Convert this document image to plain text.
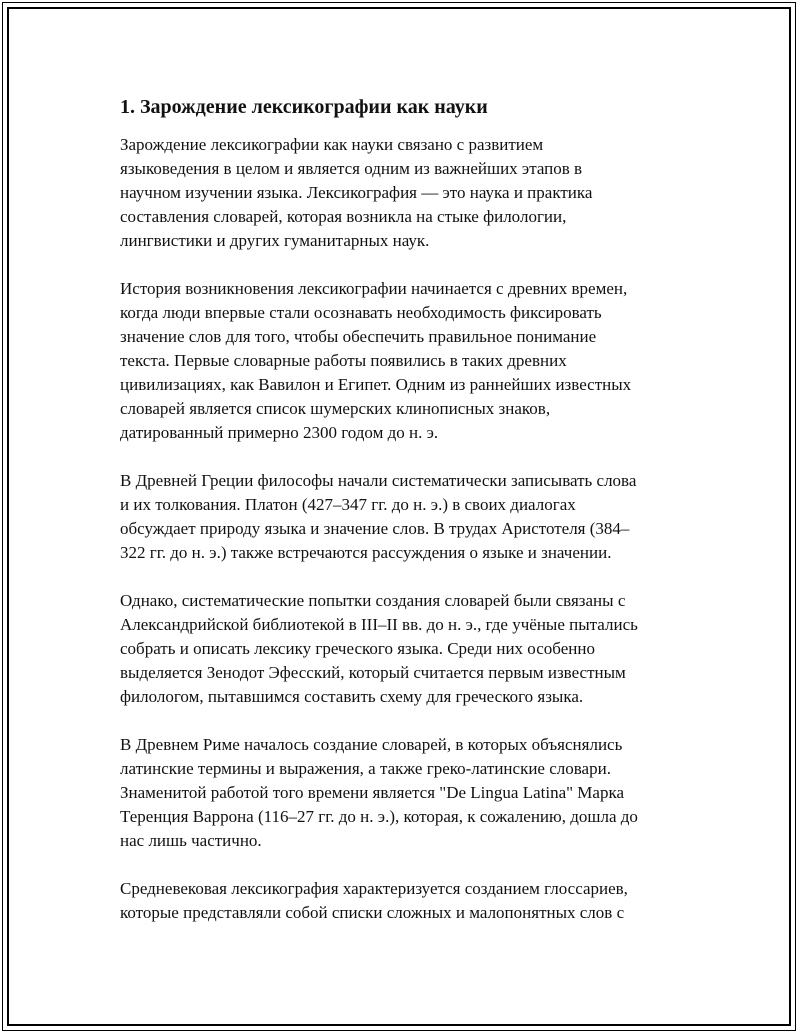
1. Зарождение лексикографии как науки

Зарождение лексикографии как науки связано с развитием
языковедения в целом и является одним из важнейших этапов в
научном изучении языка. Лексикография — это наука и практика
составления словарей, которая возникла на стыке филологии,
лингвистики и других гуманитарных наук.

История возникновения лексикографии начинается с древних времен,
когда люди впервые стали осознавать необходимость фиксировать
значение слов для того, чтобы обеспечить правильное понимание
текста. Первые словарные работы появились в таких древних
цивилизациях, как Вавилон и Египет. Одним из раннейших известных
словарей является список шумерских клинописных знаков,
датированный примерно 2300 годом до н. э.

В Древней Греции философы начали систематически записывать слова
и их толкования. Платон (427–347 гг. до н. э.) в своих диалогах
обсуждает природу языка и значение слов. В трудах Аристотеля (384–
322 гг. до н. э.) также встречаются рассуждения о языке и значении.

Однако, систематические попытки создания словарей были связаны с
Александрийской библиотекой в III–II вв. до н. э., где учёные пытались
собрать и описать лексику греческого языка. Среди них особенно
выделяется Зенодот Эфесский, который считается первым известным
филологом, пытавшимся составить схему для греческого языка.

В Древнем Риме началось создание словарей, в которых объяснялись
латинские термины и выражения, а также греко-латинские словари.
Знаменитой работой того времени является "De Lingua Latina" Марка
Теренция Варрона (116–27 гг. до н. э.), которая, к сожалению, дошла до
нас лишь частично.

Средневековая лексикография характеризуется созданием глоссариев,
которые представляли собой списки сложных и малопонятных слов с
